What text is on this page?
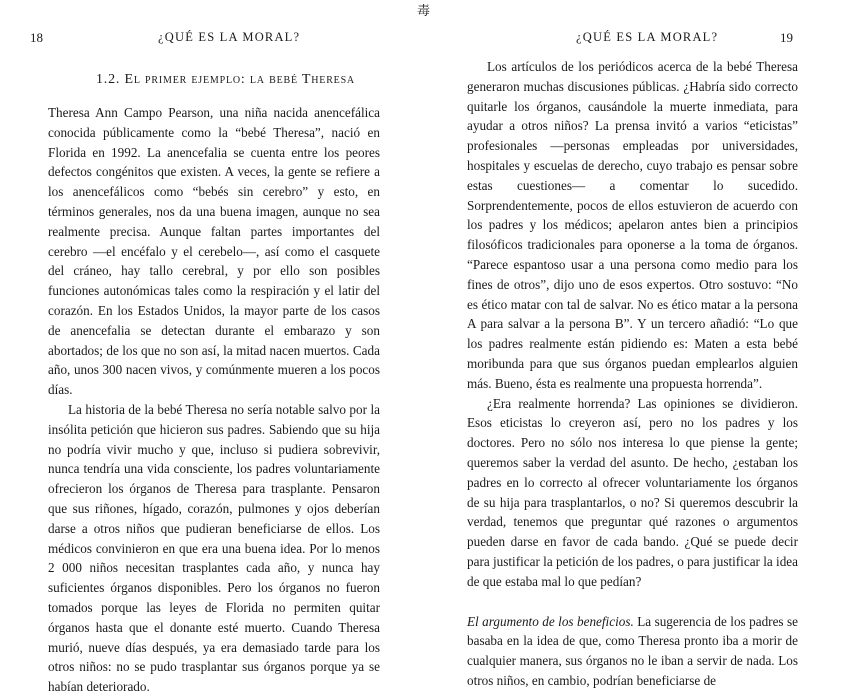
毒
18	¿QUÉ ES LA MORAL?
1.2. El primer ejemplo: la bebé Theresa

Theresa Ann Campo Pearson, una niña nacida anencefálica conocida públicamente como la “bebé Theresa”, nació en Florida en 1992. La anencefalia se cuenta entre los peores defectos congénitos que existen. A veces, la gente se refiere a los anencefálicos como “bebés sin cerebro” y esto, en términos generales, nos da una buena imagen, aunque no sea realmente precisa. Aunque faltan partes importantes del cerebro —el encéfalo y el cerebelo—, así como el casquete del cráneo, hay tallo cerebral, y por ello son posibles funciones autonómicas tales como la respiración y el latir del corazón. En los Estados Unidos, la mayor parte de los casos de anencefalia se detectan durante el embarazo y son abortados; de los que no son así, la mitad nacen muertos. Cada año, unos 300 nacen vivos, y comúnmente mueren a los pocos días.

La historia de la bebé Theresa no sería notable salvo por la insólita petición que hicieron sus padres. Sabiendo que su hija no podría vivir mucho y que, incluso si pudiera sobrevivir, nunca tendría una vida consciente, los padres voluntariamente ofrecieron los órganos de Theresa para trasplante. Pensaron que sus riñones, hígado, corazón, pulmones y ojos deberían darse a otros niños que pudieran beneficiarse de ellos. Los médicos convinieron en que era una buena idea. Por lo menos 2 000 niños necesitan trasplantes cada año, y nunca hay suficientes órganos disponibles. Pero los órganos no fueron tomados porque las leyes de Florida no permiten quitar órganos hasta que el donante esté muerto. Cuando Theresa murió, nueve días después, ya era demasiado tarde para los otros niños: no se pudo trasplantar sus órganos porque ya se habían deteriorado.

¿QUÉ ES LA MORAL?	19

Los artículos de los periódicos acerca de la bebé Theresa generaron muchas discusiones públicas. ¿Habría sido correcto quitarle los órganos, causándole la muerte inmediata, para ayudar a otros niños? La prensa invitó a varios “eticistas” profesionales —personas empleadas por universidades, hospitales y escuelas de derecho, cuyo trabajo es pensar sobre estas cuestiones— a comentar lo sucedido. Sorprendentemente, pocos de ellos estuvieron de acuerdo con los padres y los médicos; apelaron antes bien a principios filosóficos tradicionales para oponerse a la toma de órganos. “Parece espantoso usar a una persona como medio para los fines de otros”, dijo uno de esos expertos. Otro sostuvo: “No es ético matar con tal de salvar. No es ético matar a la persona A para salvar a la persona B”. Y un tercero añadió: “Lo que los padres realmente están pidiendo es: Maten a esta bebé moribunda para que sus órganos puedan emplearlos alguien más. Bueno, ésta es realmente una propuesta horrenda”.

¿Era realmente horrenda? Las opiniones se dividieron. Esos eticistas lo creyeron así, pero no los padres y los doctores. Pero no sólo nos interesa lo que piense la gente; queremos saber la verdad del asunto. De hecho, ¿estaban los padres en lo correcto al ofrecer voluntariamente los órganos de su hija para trasplantarlos, o no? Si queremos descubrir la verdad, tenemos que preguntar qué razones o argumentos pueden darse en favor de cada bando. ¿Qué se puede decir para justificar la petición de los padres, o para justificar la idea de que estaba mal lo que pedían?

El argumento de los beneficios. La sugerencia de los padres se basaba en la idea de que, como Theresa pronto iba a morir de cualquier manera, sus órganos no le iban a servir de nada. Los otros niños, en cambio, podrían beneficiarse de
